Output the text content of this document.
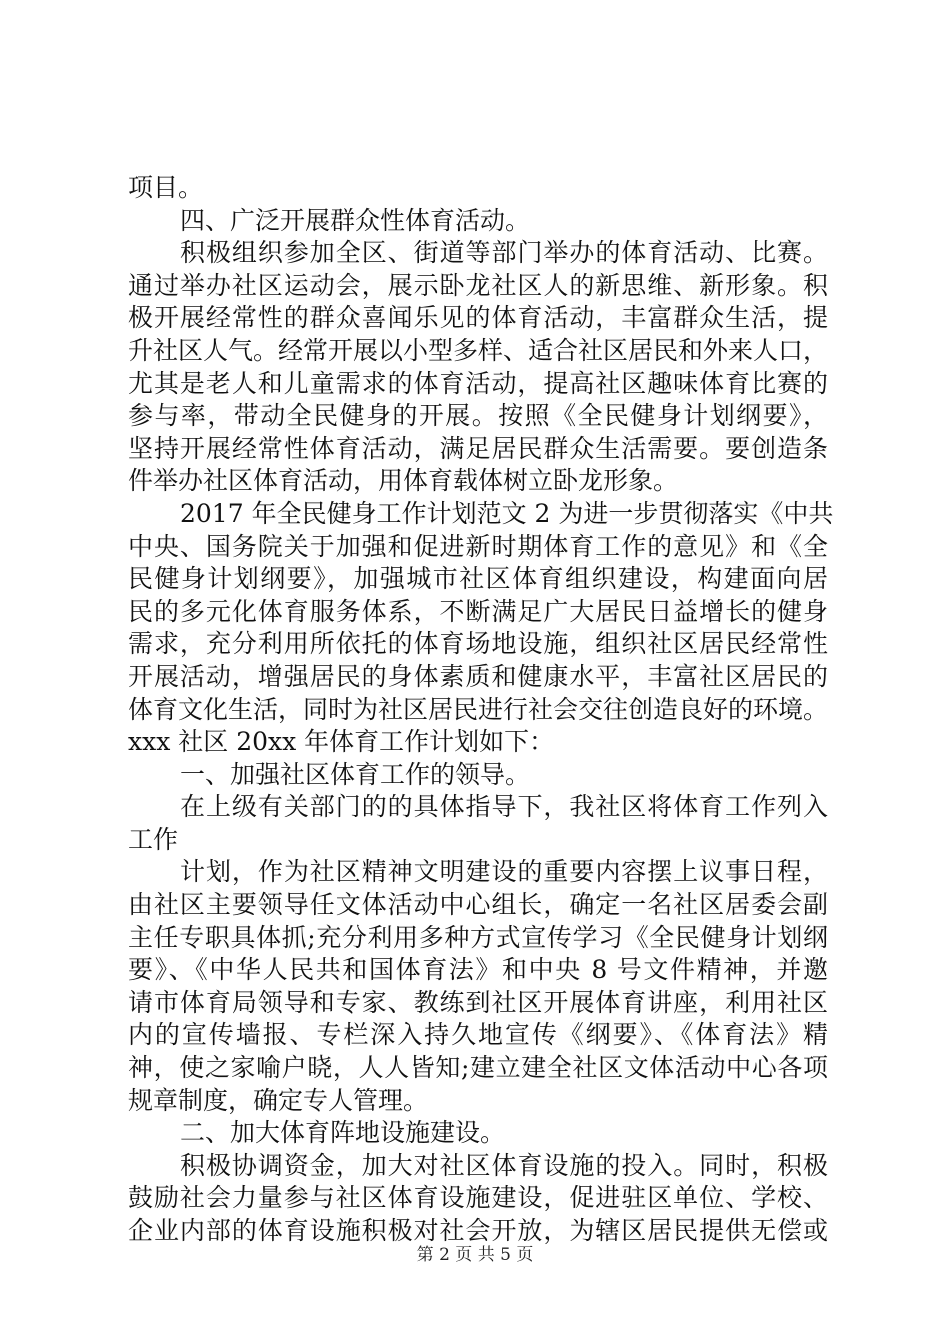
项目。
四、广泛开展群众性体育活动。
积极组织参加全区、街道等部门举办的体育活动、比赛。
通过举办社区运动会，展示卧龙社区人的新思维、新形象。积
极开展经常性的群众喜闻乐见的体育活动，丰富群众生活，提
升社区人气。经常开展以小型多样、适合社区居民和外来人口，
尤其是老人和儿童需求的体育活动，提高社区趣味体育比赛的
参与率，带动全民健身的开展。按照《全民健身计划纲要》，
坚持开展经常性体育活动，满足居民群众生活需要。要创造条
件举办社区体育活动，用体育载体树立卧龙形象。
2017 年全民健身工作计划范文 2 为进一步贯彻落实《中共
中央、国务院关于加强和促进新时期体育工作的意见》和《全
民健身计划纲要》，加强城市社区体育组织建设，构建面向居
民的多元化体育服务体系，不断满足广大居民日益增长的健身
需求，充分利用所依托的体育场地设施，组织社区居民经常性
开展活动，增强居民的身体素质和健康水平，丰富社区居民的
体育文化生活，同时为社区居民进行社会交往创造良好的环境。
xxx 社区 20xx 年体育工作计划如下：
一、加强社区体育工作的领导。
在上级有关部门的的具体指导下，我社区将体育工作列入
工作
计划，作为社区精神文明建设的重要内容摆上议事日程，
由社区主要领导任文体活动中心组长，确定一名社区居委会副
主任专职具体抓;充分利用多种方式宣传学习《全民健身计划纲
要》、《中华人民共和国体育法》和中央 8 号文件精神，并邀
请市体育局领导和专家、教练到社区开展体育讲座，利用社区
内的宣传墙报、专栏深入持久地宣传《纲要》、《体育法》精
神，使之家喻户晓，人人皆知;建立建全社区文体活动中心各项
规章制度，确定专人管理。
二、加大体育阵地设施建设。
积极协调资金，加大对社区体育设施的投入。同时，积极
鼓励社会力量参与社区体育设施建设，促进驻区单位、学校、
企业内部的体育设施积极对社会开放，为辖区居民提供无偿或
第 2 页 共 5 页
